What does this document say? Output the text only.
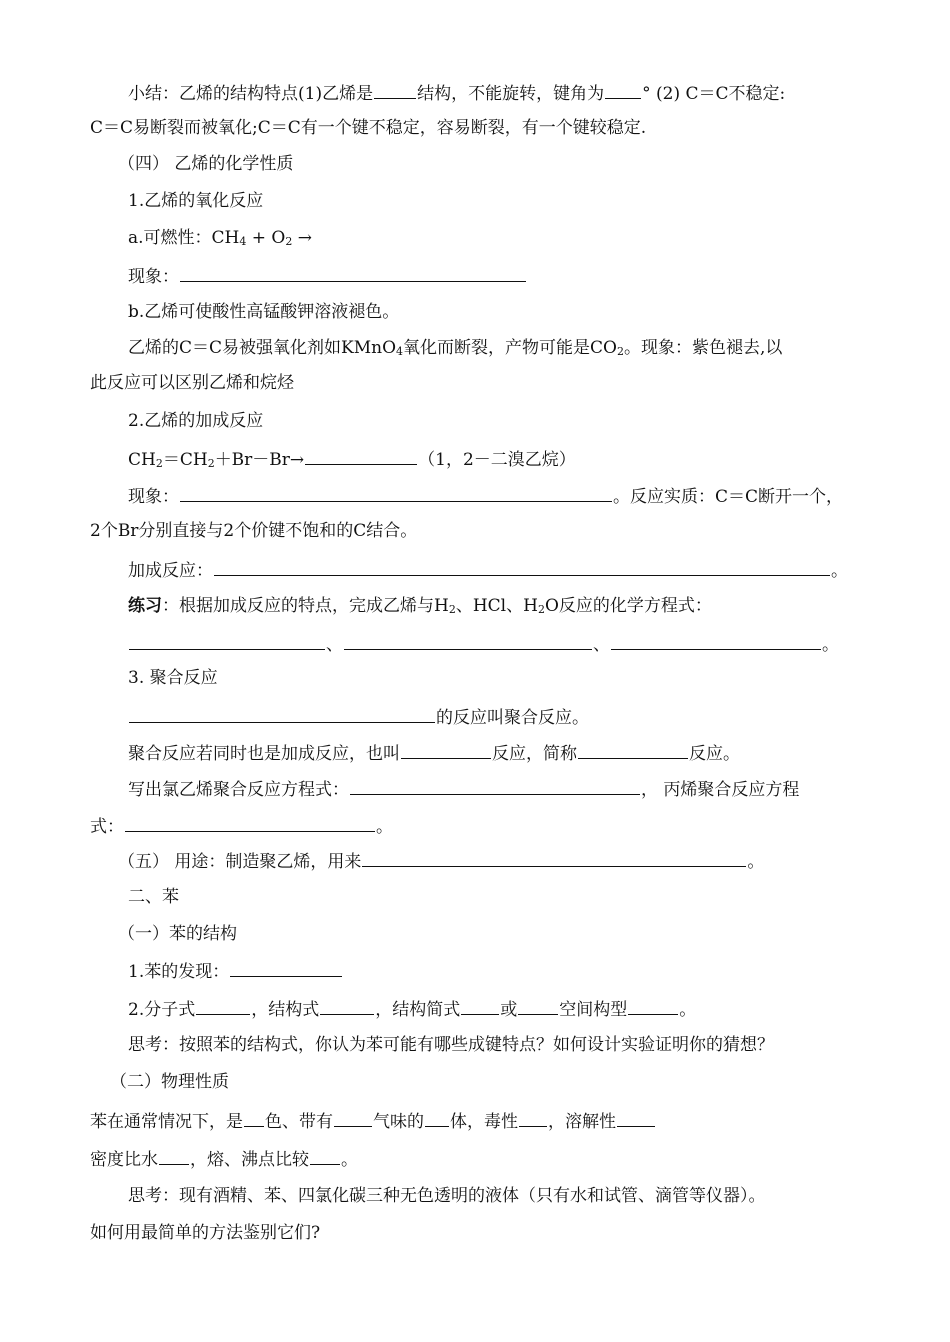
小结：乙烯的结构特点(1)乙烯是	结构，不能旋转，键角为 ° (2) C＝C不稳定:
C＝C易断裂而被氧化;C＝C有一个键不稳定，容易断裂，有一个键较稳定.
（四） 乙烯的化学性质
1.乙烯的氧化反应
a.可燃性：$CH_4 + O_2$ →
现象：
b.乙烯可使酸性高锰酸钾溶液褪色。
乙烯的C＝C易被强氧化剂如KMnO$_4$氧化而断裂，产物可能是$CO_2$。现象：紫色褪去,以
此反应可以区别乙烯和烷烃
2.乙烯的加成反应
$CH_2=CH_2+Br-Br\to$	（1，2－二溴乙烷）
现象：	。反应实质：C＝C断开一个，
2个Br分别直接与2个价键不饱和的C结合。
加成反应：	。
练习：根据加成反应的特点，完成乙烯与$H_2$、HCl、$H_2O$反应的化学方程式：
、	、	。
3. 聚合反应
的反应叫聚合反应。
聚合反应若同时也是加成反应，也叫	反应，简称	反应。
写出氯乙烯聚合反应方程式：	， 丙烯聚合反应方程
式：	。
（五） 用途：制造聚乙烯，用来	。
二、苯
（一）苯的结构
1.苯的发现：
2.分子式	，结构式	，结构简式 或 空间构型	。
思考：按照苯的结构式，你认为苯可能有哪些成键特点？如何设计实验证明你的猜想？
（二）物理性质
苯在通常情况下，是 色、带有 气味的 体，毒性 ，溶解性
密度比水 ，熔、沸点比较 。
思考：现有酒精、苯、四氯化碳三种无色透明的液体（只有水和试管、滴管等仪器）。
如何用最简单的方法鉴别它们?
